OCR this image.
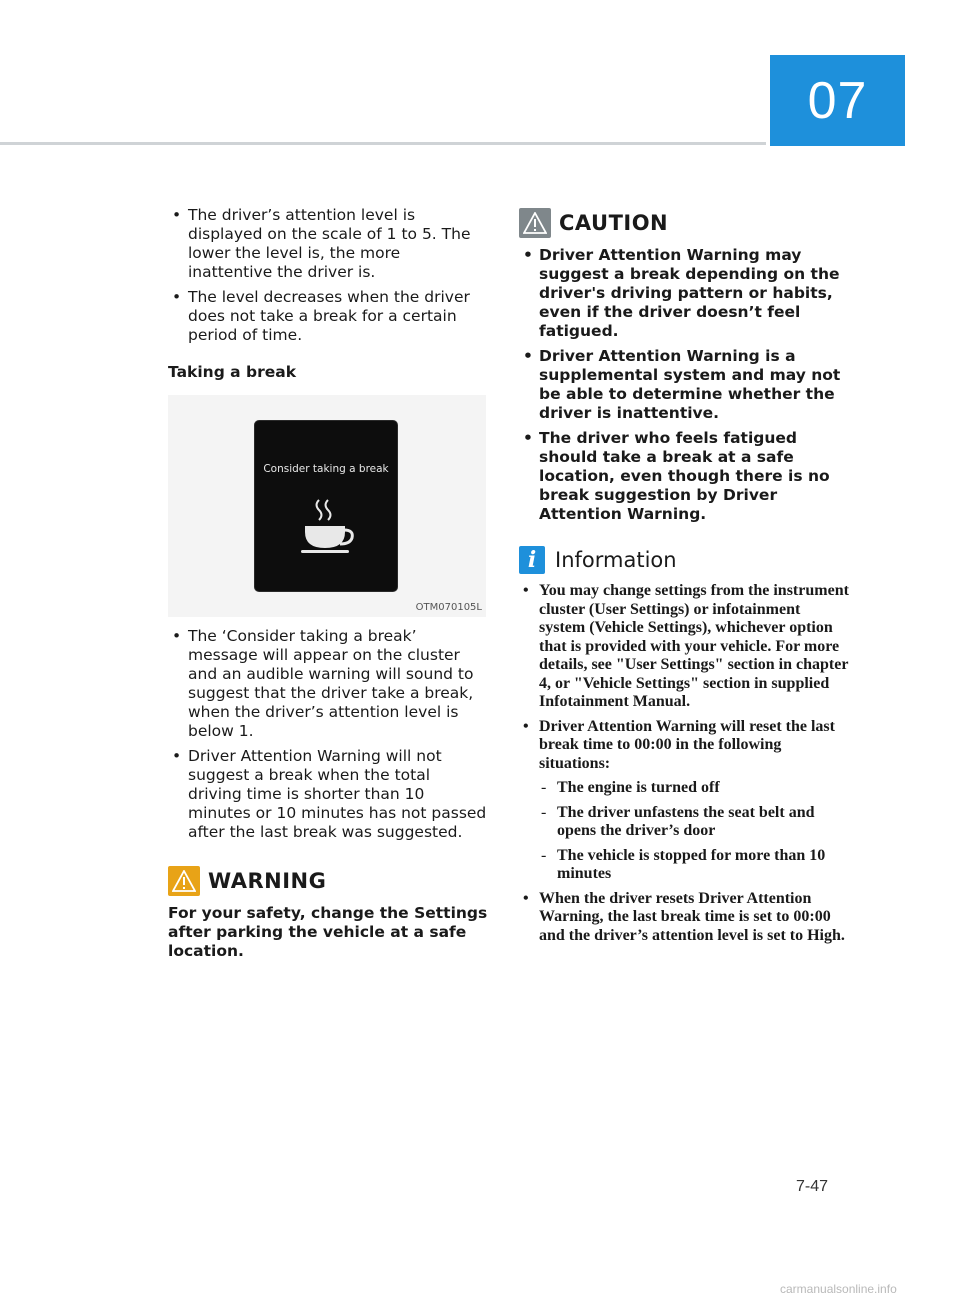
07
• The driver’s attention level is displayed on the scale of 1 to 5. The lower the level is, the more inattentive the driver is.
• The level decreases when the driver does not take a break for a certain period of time.
Taking a break
Consider taking a break
OTM070105L
• The ‘Consider taking a break’ message will appear on the cluster and an audible warning will sound to suggest that the driver take a break, when the driver’s attention level is below 1.
• Driver Attention Warning will not suggest a break when the total driving time is shorter than 10 minutes or 10 minutes has not passed after the last break was suggested.
WARNING
For your safety, change the Settings after parking the vehicle at a safe location.
CAUTION
• Driver Attention Warning may suggest a break depending on the driver's driving pattern or habits, even if the driver doesn’t feel fatigued.
• Driver Attention Warning is a supplemental system and may not be able to determine whether the driver is inattentive.
• The driver who feels fatigued should take a break at a safe location, even though there is no break suggestion by Driver Attention Warning.
i Information
• You may change settings from the instrument cluster (User Settings) or infotainment system (Vehicle Settings), whichever option that is provided with your vehicle. For more details, see "User Settings" section in chapter 4, or "Vehicle Settings" section in supplied Infotainment Manual.
• Driver Attention Warning will reset the last break time to 00:00 in the following situations:
- The engine is turned off
- The driver unfastens the seat belt and opens the driver’s door
- The vehicle is stopped for more than 10 minutes
• When the driver resets Driver Attention Warning, the last break time is set to 00:00 and the driver’s attention level is set to High.
7-47
carmanualsonline.info
